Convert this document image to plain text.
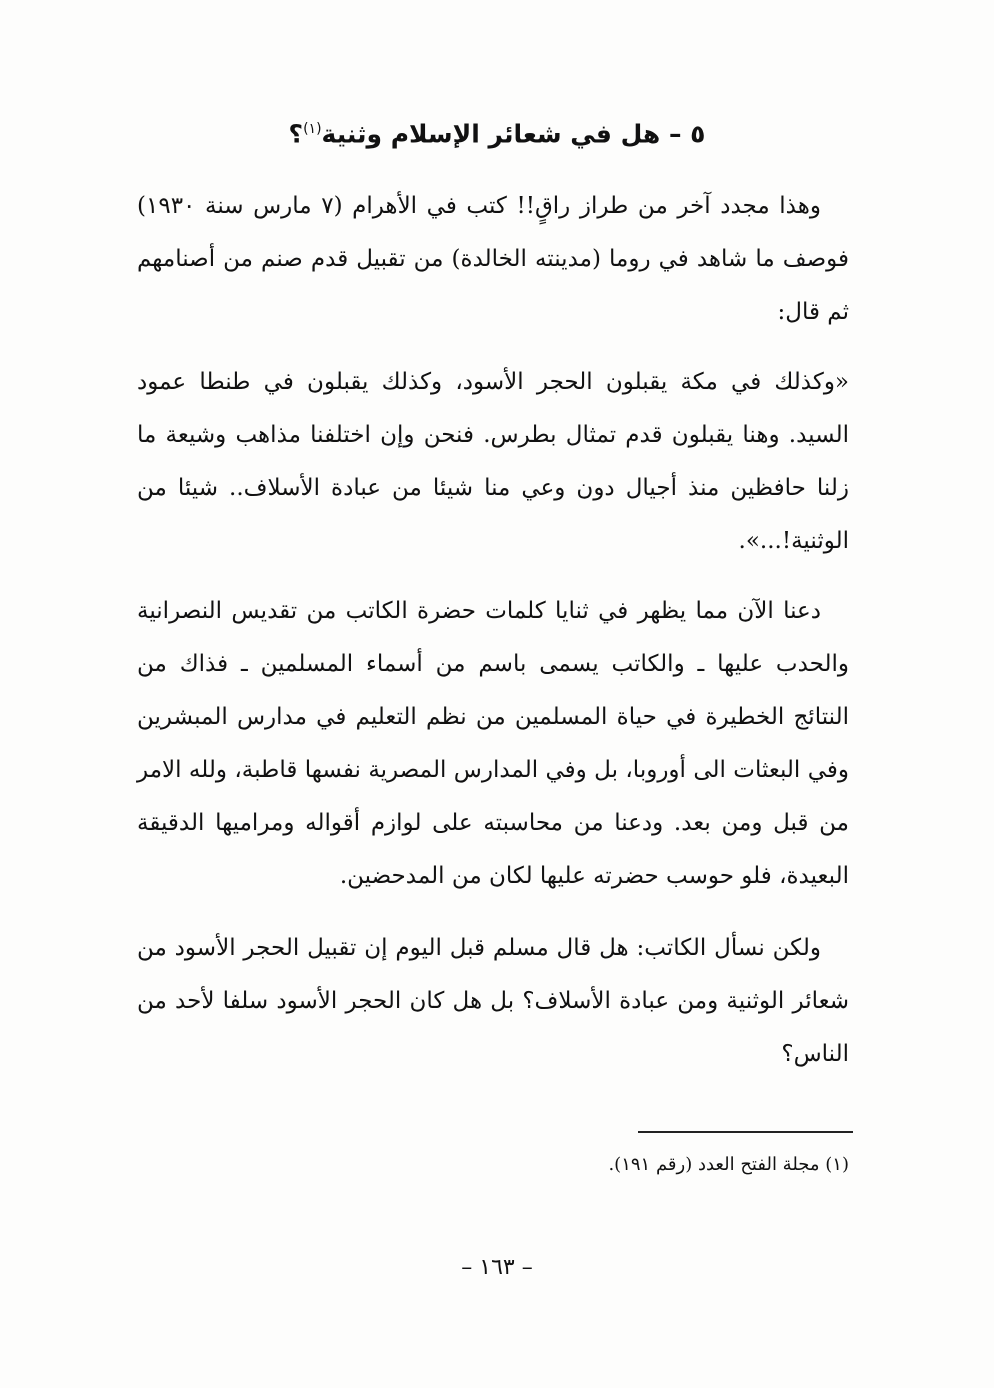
٥ – هل في شعائر الإسلام وثنية$^{(١)}$؟

وهذا مجدد آخر من طراز راقٍ!! كتب في الأهرام (٧ مارس سنة ١٩٣٠) فوصف ما شاهد في روما (مدينته الخالدة) من تقبيل قدم صنم من أصنامهم ثم قال:

«وكذلك في مكة يقبلون الحجر الأسود، وكذلك يقبلون في طنطا عمود السيد. وهنا يقبلون قدم تمثال بطرس. فنحن وإن اختلفنا مذاهب وشيعة ما زلنا حافظين منذ أجيال دون وعي منا شيئا من عبادة الأسلاف.. شيئا من الوثنية!...».

دعنا الآن مما يظهر في ثنايا كلمات حضرة الكاتب من تقديس النصرانية والحدب عليها ـ والكاتب يسمى باسم من أسماء المسلمين ـ فذاك من النتائج الخطيرة في حياة المسلمين من نظم التعليم في مدارس المبشرين وفي البعثات الى أوروبا، بل وفي المدارس المصرية نفسها قاطبة، ولله الامر من قبل ومن بعد. ودعنا من محاسبته على لوازم أقواله ومراميها الدقيقة البعيدة، فلو حوسب حضرته عليها لكان من المدحضين.

ولكن نسأل الكاتب: هل قال مسلم قبل اليوم إن تقبيل الحجر الأسود من شعائر الوثنية ومن عبادة الأسلاف؟ بل هل كان الحجر الأسود سلفا لأحد من الناس؟

(١) مجلة الفتح العدد (رقم ١٩١).
– ١٦٣ –
